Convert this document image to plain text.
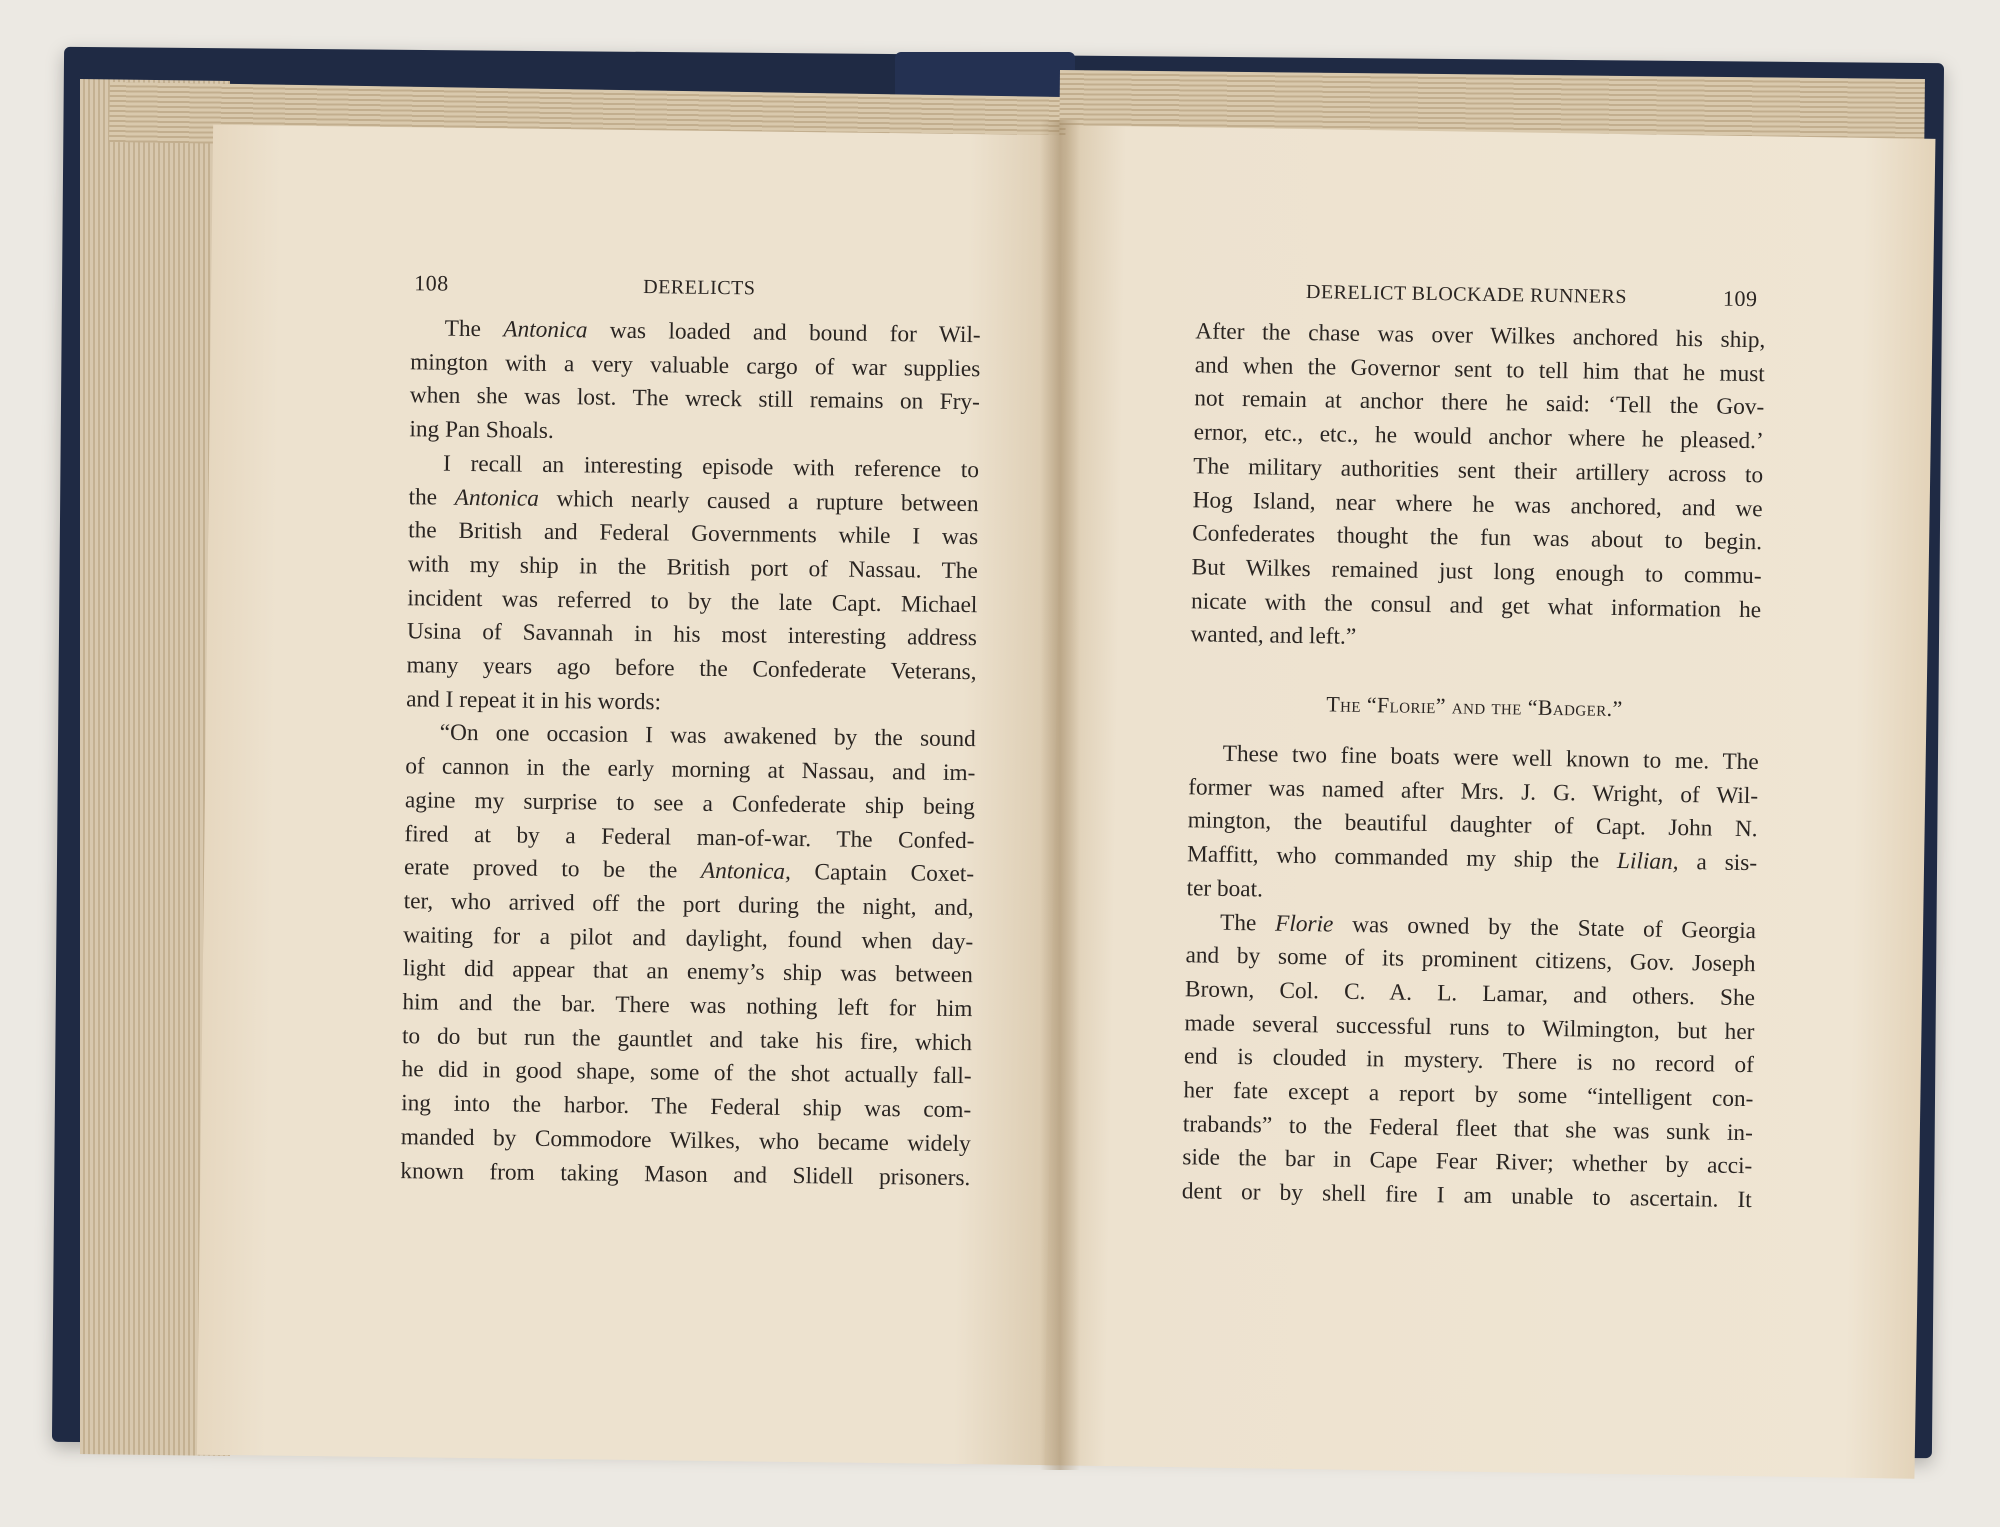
108	DERELICTS
The Antonica was loaded and bound for Wil-
mington with a very valuable cargo of war supplies
when she was lost. The wreck still remains on Fry-
ing Pan Shoals.
I recall an interesting episode with reference to
the Antonica which nearly caused a rupture between
the British and Federal Governments while I was
with my ship in the British port of Nassau. The
incident was referred to by the late Capt. Michael
Usina of Savannah in his most interesting address
many years ago before the Confederate Veterans,
and I repeat it in his words:
“On one occasion I was awakened by the sound
of cannon in the early morning at Nassau, and im-
agine my surprise to see a Confederate ship being
fired at by a Federal man-of-war. The Confed-
erate proved to be the Antonica, Captain Coxet-
ter, who arrived off the port during the night, and,
waiting for a pilot and daylight, found when day-
light did appear that an enemy’s ship was between
him and the bar. There was nothing left for him
to do but run the gauntlet and take his fire, which
he did in good shape, some of the shot actually fall-
ing into the harbor. The Federal ship was com-
manded by Commodore Wilkes, who became widely
known from taking Mason and Slidell prisoners.
DERELICT BLOCKADE RUNNERS	109
After the chase was over Wilkes anchored his ship,
and when the Governor sent to tell him that he must
not remain at anchor there he said: ‘Tell the Gov-
ernor, etc., etc., he would anchor where he pleased.’
The military authorities sent their artillery across to
Hog Island, near where he was anchored, and we
Confederates thought the fun was about to begin.
But Wilkes remained just long enough to commu-
nicate with the consul and get what information he
wanted, and left.”
The “Florie” and the “Badger.”
These two fine boats were well known to me. The
former was named after Mrs. J. G. Wright, of Wil-
mington, the beautiful daughter of Capt. John N.
Maffitt, who commanded my ship the Lilian, a sis-
ter boat.
The Florie was owned by the State of Georgia
and by some of its prominent citizens, Gov. Joseph
Brown, Col. C. A. L. Lamar, and others. She
made several successful runs to Wilmington, but her
end is clouded in mystery. There is no record of
her fate except a report by some “intelligent con-
trabands” to the Federal fleet that she was sunk in-
side the bar in Cape Fear River; whether by acci-
dent or by shell fire I am unable to ascertain. It
